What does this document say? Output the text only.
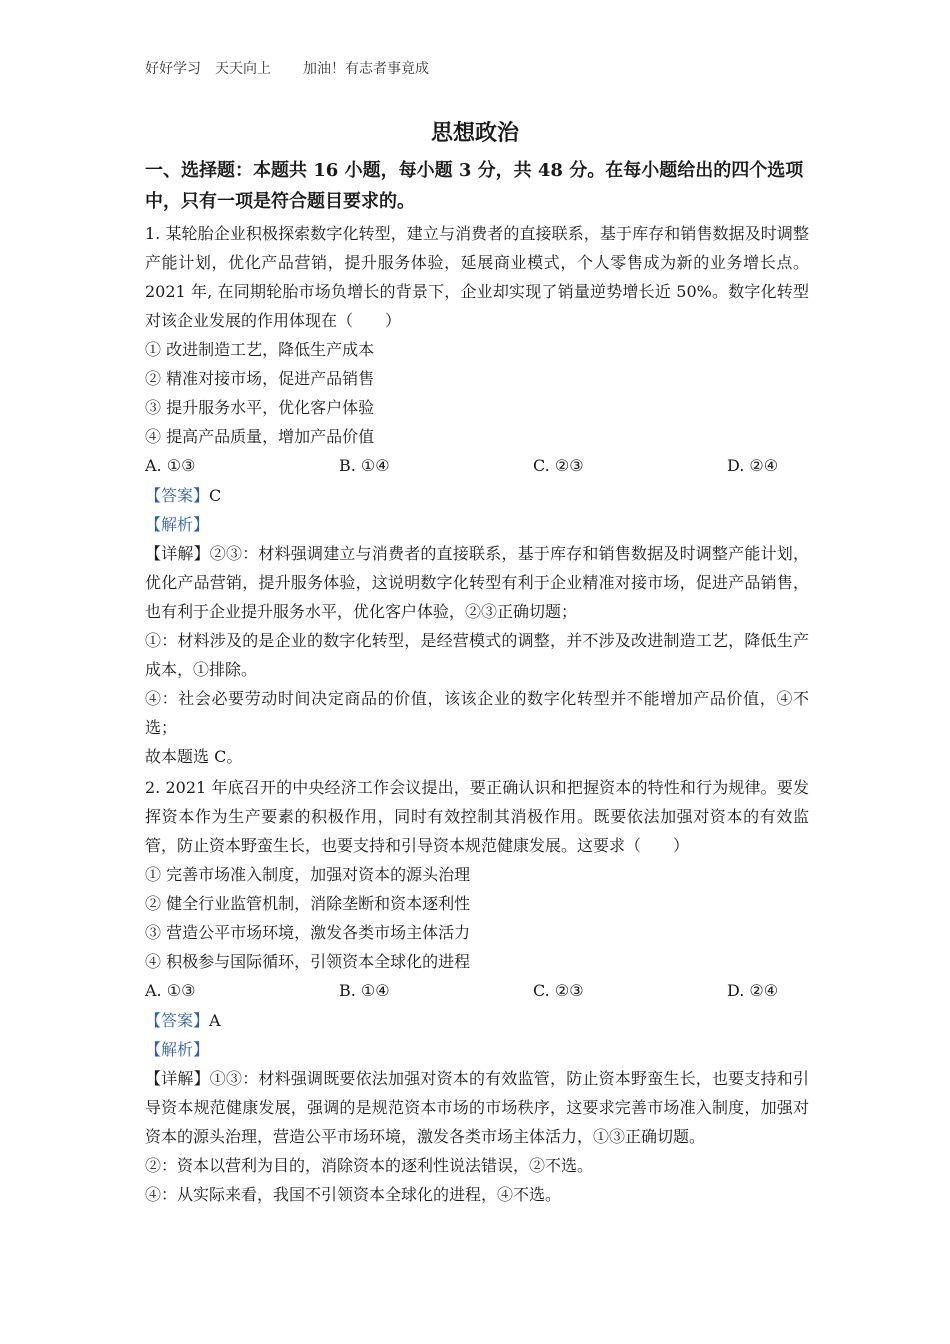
好好学习 天天向上 加油！有志者事竟成
思想政治
一、选择题：本题共 16 小题，每小题 3 分，共 48 分。在每小题给出的四个选项中，只有一项是符合题目要求的。
1. 某轮胎企业积极探索数字化转型，建立与消费者的直接联系，基于库存和销售数据及时调整产能计划，优化产品营销，提升服务体验，延展商业模式，个人零售成为新的业务增长点。2021 年, 在同期轮胎市场负增长的背景下，企业却实现了销量逆势增长近 50%。数字化转型对该企业发展的作用体现在（　　）
① 改进制造工艺，降低生产成本
② 精准对接市场，促进产品销售
③ 提升服务水平，优化客户体验
④ 提高产品质量，增加产品价值
A. ①③	B. ①④	C. ②③	D. ②④
【答案】C
【解析】
【详解】②③：材料强调建立与消费者的直接联系，基于库存和销售数据及时调整产能计划，优化产品营销，提升服务体验，这说明数字化转型有利于企业精准对接市场，促进产品销售，也有利于企业提升服务水平，优化客户体验，②③正确切题；
①：材料涉及的是企业的数字化转型，是经营模式的调整，并不涉及改进制造工艺，降低生产成本，①排除。
④：社会必要劳动时间决定商品的价值，该该企业的数字化转型并不能增加产品价值，④不选；
故本题选 C。
2. 2021 年底召开的中央经济工作会议提出，要正确认识和把握资本的特性和行为规律。要发挥资本作为生产要素的积极作用，同时有效控制其消极作用。既要依法加强对资本的有效监管，防止资本野蛮生长，也要支持和引导资本规范健康发展。这要求（　　）
① 完善市场准入制度，加强对资本的源头治理
② 健全行业监管机制，消除垄断和资本逐利性
③ 营造公平市场环境，激发各类市场主体活力
④ 积极参与国际循环，引领资本全球化的进程
A. ①③	B. ①④	C. ②③	D. ②④
【答案】A
【解析】
【详解】①③：材料强调既要依法加强对资本的有效监管，防止资本野蛮生长，也要支持和引导资本规范健康发展，强调的是规范资本市场的市场秩序，这要求完善市场准入制度，加强对资本的源头治理，营造公平市场环境，激发各类市场主体活力，①③正确切题。
②：资本以营利为目的，消除资本的逐利性说法错误，②不选。
④：从实际来看，我国不引领资本全球化的进程，④不选。
